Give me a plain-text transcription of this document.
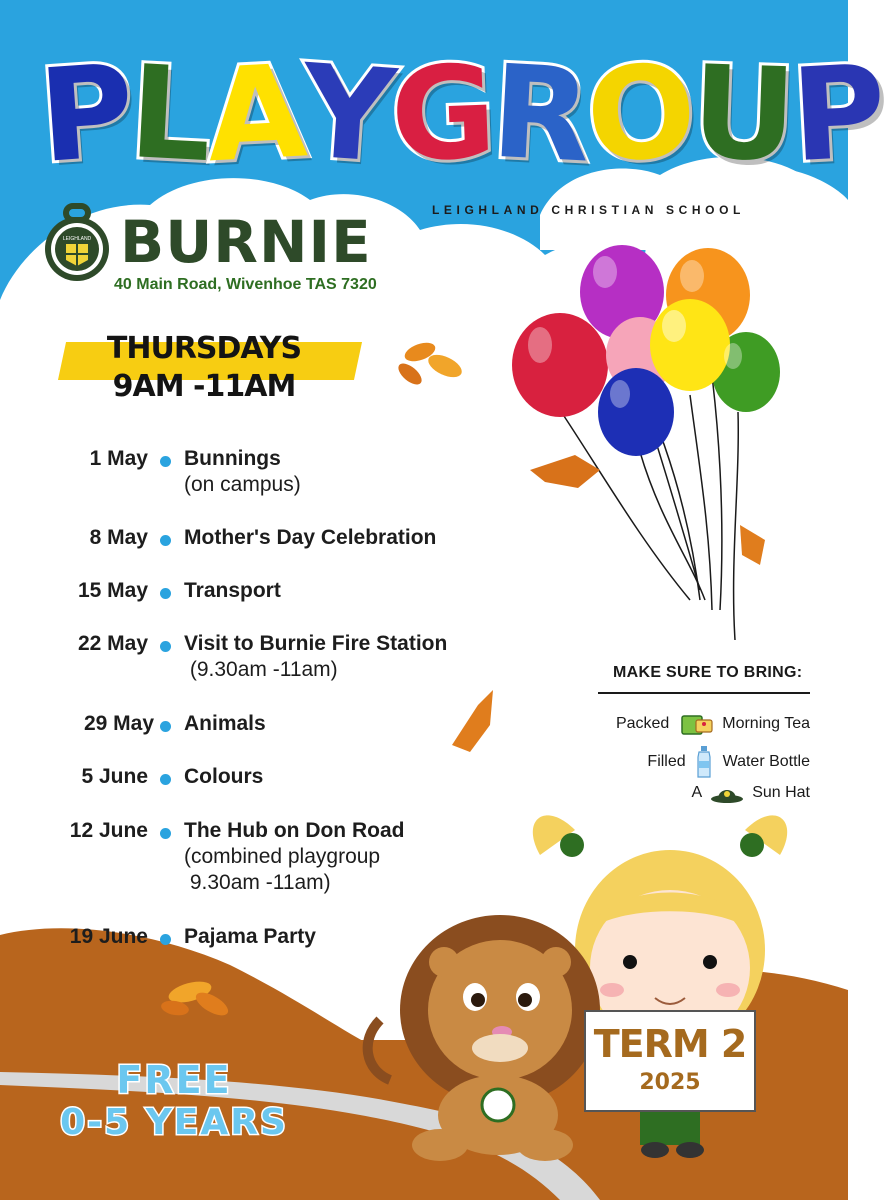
PLAYGROUP
LEIGHLAND CHRISTIAN SCHOOL
LEIGHLAND BURNIE
40 Main Road, Wivenhoe TAS 7320
THURSDAYS
9AM -11AM
1 May Bunnings
(on campus)
8 May Mother's Day Celebration
15 May Transport
22 May Visit to Burnie Fire Station
(9.30am -11am)
29 May Animals
5 June Colours
12 June The Hub on Don Road
(combined playgroup
9.30am -11am)
19 June Pajama Party
MAKE SURE TO BRING:
Packed	Morning Tea
Filled Water Bottle
A	Sun Hat
FREE
0-5 YEARS
TERM 2
2025
